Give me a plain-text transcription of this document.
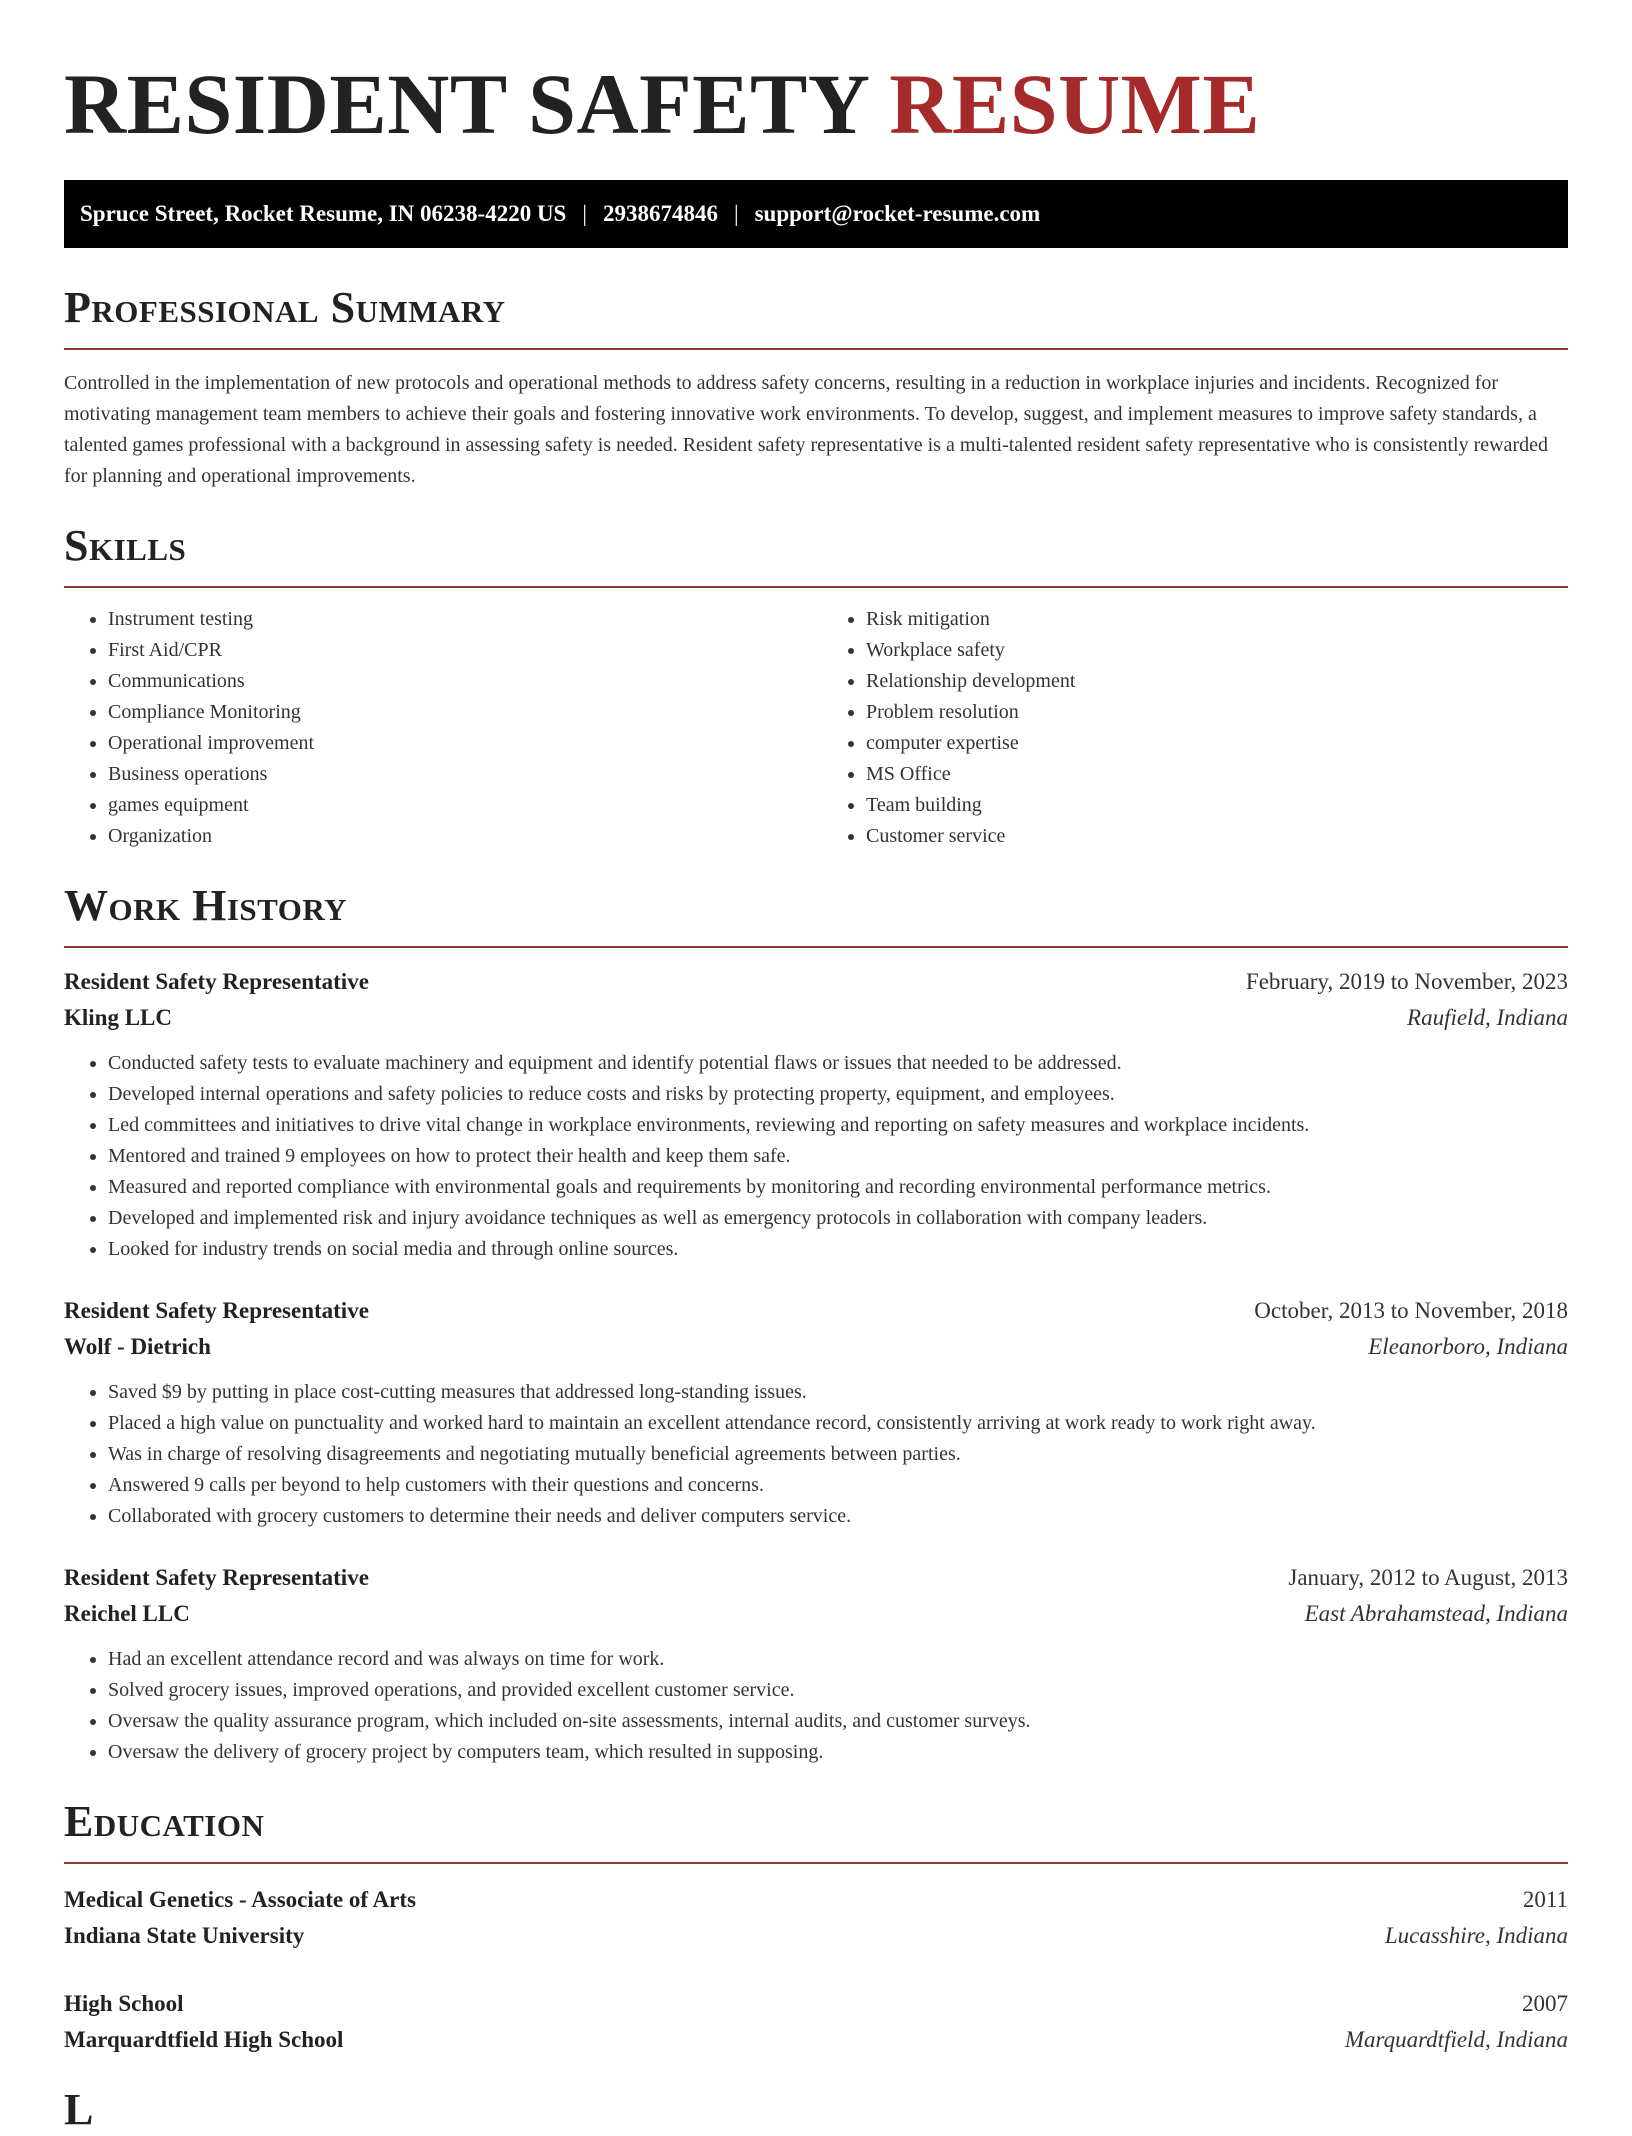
RESIDENT SAFETY RESUME
Spruce Street, Rocket Resume, IN 06238-4220 US | 2938674846 | support@rocket-resume.com
Professional Summary

Controlled in the implementation of new protocols and operational methods to address safety concerns, resulting in a reduction in workplace injuries and incidents. Recognized for motivating management team members to achieve their goals and fostering innovative work environments. To develop, suggest, and implement measures to improve safety standards, a talented games professional with a background in assessing safety is needed. Resident safety representative is a multi-talented resident safety representative who is consistently rewarded for planning and operational improvements.

Skills
• Instrument testing
• First Aid/CPR
• Communications
• Compliance Monitoring
• Operational improvement
• Business operations
• games equipment
• Organization
• Risk mitigation
• Workplace safety
• Relationship development
• Problem resolution
• computer expertise
• MS Office
• Team building
• Customer service
Work History
Resident Safety Representative	February, 2019 to November, 2023
Kling LLC	Raufield, Indiana
• Conducted safety tests to evaluate machinery and equipment and identify potential flaws or issues that needed to be addressed.
• Developed internal operations and safety policies to reduce costs and risks by protecting property, equipment, and employees.
• Led committees and initiatives to drive vital change in workplace environments, reviewing and reporting on safety measures and workplace incidents.
• Mentored and trained 9 employees on how to protect their health and keep them safe.
• Measured and reported compliance with environmental goals and requirements by monitoring and recording environmental performance metrics.
• Developed and implemented risk and injury avoidance techniques as well as emergency protocols in collaboration with company leaders.
• Looked for industry trends on social media and through online sources.
Resident Safety Representative	October, 2013 to November, 2018
Wolf - Dietrich	Eleanorboro, Indiana
• Saved $9 by putting in place cost-cutting measures that addressed long-standing issues.
• Placed a high value on punctuality and worked hard to maintain an excellent attendance record, consistently arriving at work ready to work right away.
• Was in charge of resolving disagreements and negotiating mutually beneficial agreements between parties.
• Answered 9 calls per beyond to help customers with their questions and concerns.
• Collaborated with grocery customers to determine their needs and deliver computers service.
Resident Safety Representative	January, 2012 to August, 2013
Reichel LLC	East Abrahamstead, Indiana
• Had an excellent attendance record and was always on time for work.
• Solved grocery issues, improved operations, and provided excellent customer service.
• Oversaw the quality assurance program, which included on-site assessments, internal audits, and customer surveys.
• Oversaw the delivery of grocery project by computers team, which resulted in supposing.
Education
Medical Genetics - Associate of Arts	2011
Indiana State University	Lucasshire, Indiana
High School	2007
Marquardtfield High School	Marquardtfield, Indiana
L
